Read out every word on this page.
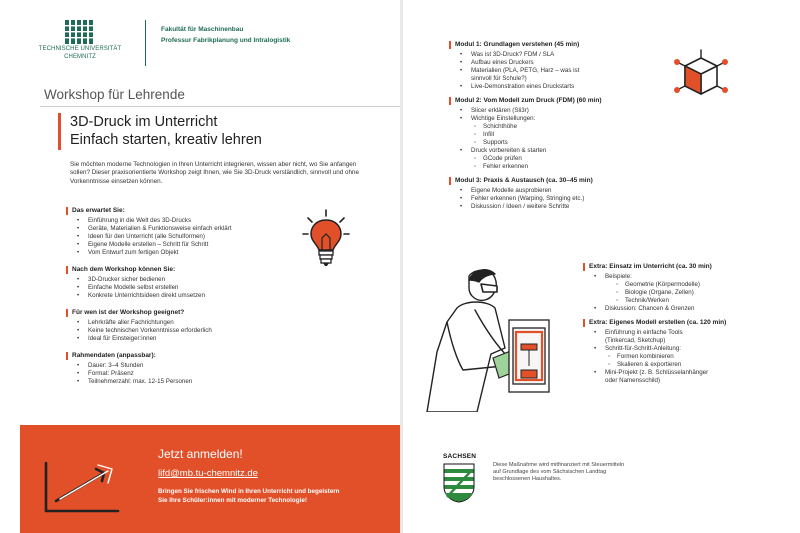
TECHNISCHE UNIVERSITÄT
CHEMNITZ
Fakultät für Maschinenbau
Professur Fabrikplanung und Intralogistik
Workshop für Lehrende
3D-Druck im Unterricht
Einfach starten, kreativ lehren
Sie möchten moderne Technologien in Ihren Unterricht integrieren, wissen aber nicht, wo Sie anfangen sollen? Dieser praxisorientierte Workshop zeigt Ihnen, wie Sie 3D-Druck verständlich, sinnvoll und ohne Vorkenntnisse einsetzen können.
Das erwartet Sie:
• Einführung in die Welt des 3D-Drucks
• Geräte, Materialien & Funktionsweise einfach erklärt
• Ideen für den Unterricht (alle Schulformen)
• Eigene Modelle erstellen – Schritt für Schritt
• Vom Entwurf zum fertigen Objekt
Nach dem Workshop können Sie:
• 3D-Drucker sicher bedienen
• Einfache Modelle selbst erstellen
• Konkrete Unterrichtsideen direkt umsetzen
Für wen ist der Workshop geeignet?
• Lehrkräfte aller Fachrichtungen
• Keine technischen Vorkenntnisse erforderlich
• Ideal für Einsteiger:innen
Rahmendaten (anpassbar):
• Dauer: 3–4 Stunden
• Format: Präsenz
• Teilnehmerzahl: max. 12-15 Personen
Jetzt anmelden!
lifd@mb.tu-chemnitz.de
Bringen Sie frischen Wind in Ihren Unterricht und begeistern
Sie Ihre Schüler:innen mit moderner Technologie!
Modul 1: Grundlagen verstehen (45 min)
• Was ist 3D-Druck? FDM / SLA
• Aufbau eines Druckers
• Materialien (PLA, PETG, Harz – was ist
sinnvoll für Schule?)
• Live-Demonstration eines Druckstarts
Modul 2: Vom Modell zum Druck (FDM) (60 min)
• Slicer erklären (Sli3r)
• Wichtige Einstellungen:
◦ Schichthöhe
◦ Infill
◦ Supports
• Druck vorbereiten & starten
◦ GCode prüfen
◦ Fehler erkennen
Modul 3: Praxis & Austausch (ca. 30–45 min)
• Eigene Modelle ausprobieren
• Fehler erkennen (Warping, Stringing etc.)
• Diskussion / Ideen / weitere Schritte
Extra: Einsatz im Unterricht (ca. 30 min)
• Beispiele:
◦ Geometrie (Körpermodelle)
◦ Biologie (Organe, Zellen)
◦ Technik/Werken
• Diskussion: Chancen & Grenzen
Extra: Eigenes Modell erstellen (ca. 120 min)
• Einführung in einfache Tools
(Tinkercad, Sketchup)
• Schritt-für-Schritt-Anleitung:
◦ Formen kombinieren
◦ Skalieren & exportieren
• Mini-Projekt (z. B. Schlüsselanhänger
oder Namensschild)
SACHSEN
Diese Maßnahme wird mitfinanziert mit Steuermitteln auf Grundlage des vom Sächsischen Landtag beschlossenen Haushaltes.
